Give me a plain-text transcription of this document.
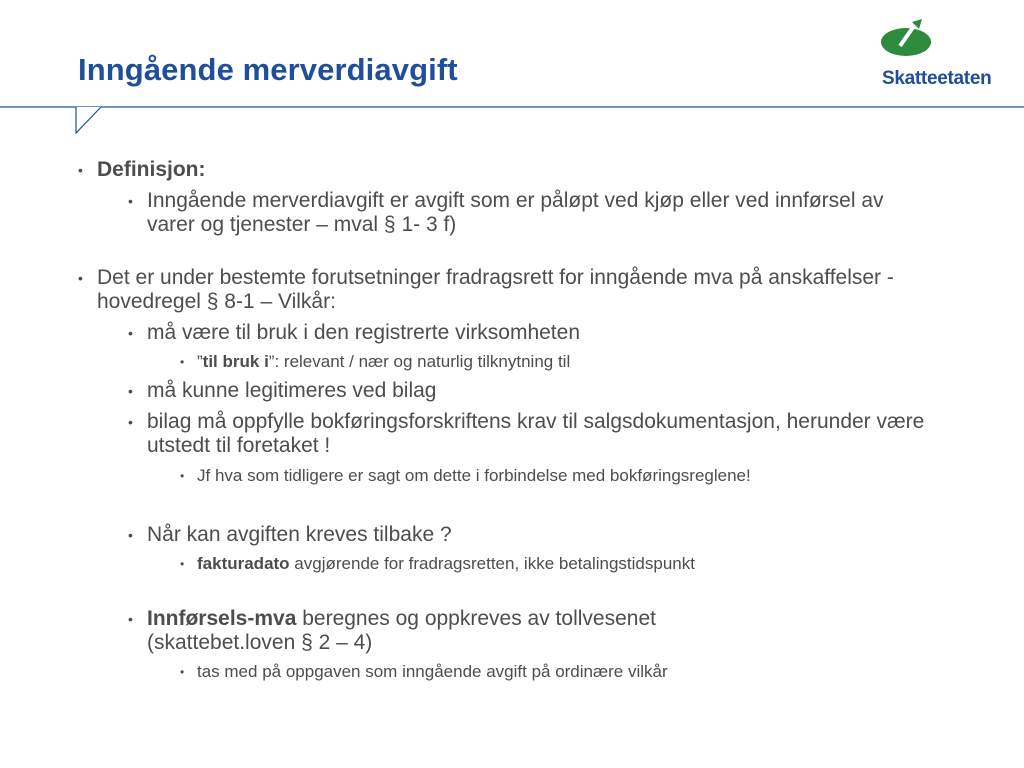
Inngående merverdiavgift	Skatteetaten

• Definisjon:

• Inngående merverdiavgift er avgift som er påløpt ved kjøp eller ved innførsel av varer og tjenester – mval § 1- 3 f)

• Det er under bestemte forutsetninger fradragsrett for inngående mva på anskaffelser - hovedregel § 8-1 – Vilkår:

• må være til bruk i den registrerte virksomheten

• ”til bruk i”: relevant / nær og naturlig tilknytning til

• må kunne legitimeres ved bilag

• bilag må oppfylle bokføringsforskriftens krav til salgsdokumentasjon, herunder være utstedt til foretaket !

• Jf hva som tidligere er sagt om dette i forbindelse med bokføringsreglene!

• Når kan avgiften kreves tilbake ?

• fakturadato avgjørende for fradragsretten, ikke betalingstidspunkt

• Innførsels-mva beregnes og oppkreves av tollvesenet (skattebet.loven § 2 – 4)

• tas med på oppgaven som inngående avgift på ordinære vilkår
